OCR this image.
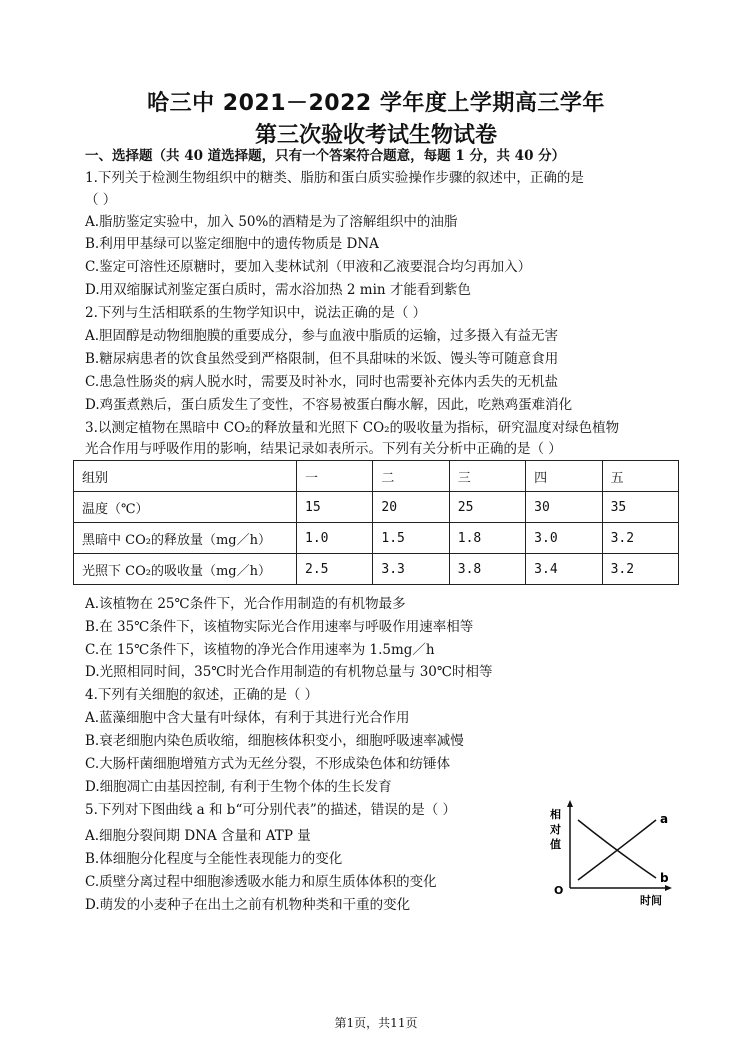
哈三中 2021－2022 学年度上学期高三学年
第三次验收考试生物试卷
一、选择题（共 40 道选择题，只有一个答案符合题意，每题 1 分，共 40 分）
1.下列关于检测生物组织中的糖类、脂肪和蛋白质实验操作步骤的叙述中，正确的是
（ ）
A.脂肪鉴定实验中，加入 50%的酒精是为了溶解组织中的油脂
B.利用甲基绿可以鉴定细胞中的遗传物质是 DNA
C.鉴定可溶性还原糖时，要加入斐林试剂（甲液和乙液要混合均匀再加入）
D.用双缩脲试剂鉴定蛋白质时，需水浴加热 2 min 才能看到紫色
2.下列与生活相联系的生物学知识中，说法正确的是（ ）
A.胆固醇是动物细胞膜的重要成分，参与血液中脂质的运输，过多摄入有益无害
B.糖尿病患者的饮食虽然受到严格限制，但不具甜味的米饭、馒头等可随意食用
C.患急性肠炎的病人脱水时，需要及时补水，同时也需要补充体内丢失的无机盐
D.鸡蛋煮熟后，蛋白质发生了变性，不容易被蛋白酶水解，因此，吃熟鸡蛋难消化
3.以测定植物在黑暗中 CO₂的释放量和光照下 CO₂的吸收量为指标，研究温度对绿色植物
光合作用与呼吸作用的影响，结果记录如表所示。下列有关分析中正确的是（ ）
组别	一	二	三	四	五
温度（℃）	15	20	25	30	35
黑暗中 CO₂的释放量（mg／h）	1.0	1.5	1.8	3.0	3.2
光照下 CO₂的吸收量（mg／h）	2.5	3.3	3.8	3.4	3.2
A.该植物在 25℃条件下，光合作用制造的有机物最多
B.在 35℃条件下，该植物实际光合作用速率与呼吸作用速率相等
C.在 15℃条件下，该植物的净光合作用速率为 1.5mg／h
D.光照相同时间，35℃时光合作用制造的有机物总量与 30℃时相等
4.下列有关细胞的叙述，正确的是（ ）
A.蓝藻细胞中含大量有叶绿体，有利于其进行光合作用
B.衰老细胞内染色质收缩，细胞核体积变小，细胞呼吸速率减慢
C.大肠杆菌细胞增殖方式为无丝分裂，不形成染色体和纺锤体
D.细胞凋亡由基因控制, 有利于生物个体的生长发育
5.下列对下图曲线 a 和 b“可分别代表”的描述，错误的是（ ）
A.细胞分裂间期 DNA 含量和 ATP 量
B.体细胞分化程度与全能性表现能力的变化
C.质壁分离过程中细胞渗透吸水能力和原生质体体积的变化
D.萌发的小麦种子在出土之前有机物种类和干重的变化
相
对
值
O
时间
a
b
第1页，共11页
